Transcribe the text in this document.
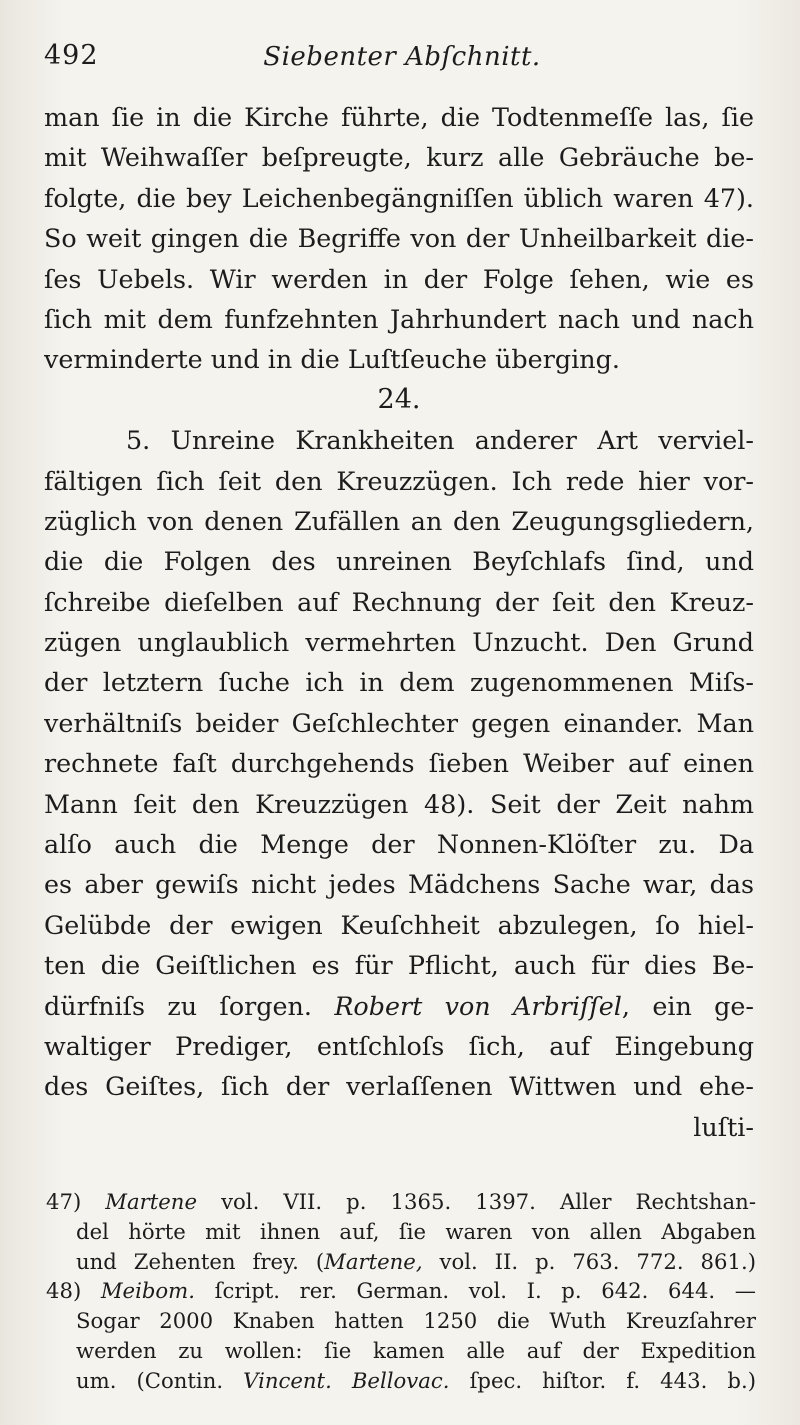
492	Siebenter Abſchnitt.
man ſie in die Kirche führte, die Todtenmeſſe las, ſie
mit Weihwaſſer beſpreugte, kurz alle Gebräuche be-
folgte, die bey Leichenbegängniſſen üblich waren 47).
So weit gingen die Begriffe von der Unheilbarkeit die-
ſes Uebels. Wir werden in der Folge ſehen, wie es
ſich mit dem funfzehnten Jahrhundert nach und nach
verminderte und in die Luſtſeuche überging.
24.
5. Unreine Krankheiten anderer Art verviel-
fältigen ſich ſeit den Kreuzzügen. Ich rede hier vor-
züglich von denen Zufällen an den Zeugungsgliedern,
die die Folgen des unreinen Beyſchlafs ſind, und
ſchreibe dieſelben auf Rechnung der ſeit den Kreuz-
zügen unglaublich vermehrten Unzucht. Den Grund
der letztern ſuche ich in dem zugenommenen Miſs-
verhältniſs beider Geſchlechter gegen einander. Man
rechnete faſt durchgehends ſieben Weiber auf einen
Mann ſeit den Kreuzzügen 48). Seit der Zeit nahm
alſo auch die Menge der Nonnen-Klöſter zu. Da
es aber gewiſs nicht jedes Mädchens Sache war, das
Gelübde der ewigen Keuſchheit abzulegen, ſo hiel-
ten die Geiſtlichen es für Pflicht, auch für dies Be-
dürfniſs zu ſorgen. Robert von Arbriſſel, ein ge-
waltiger Prediger, entſchloſs ſich, auf Eingebung
des Geiſtes, ſich der verlaſſenen Wittwen und ehe-
luſti-
47) Martene vol. VII. p. 1365. 1397. Aller Rechtshan-
del hörte mit ihnen auf, ſie waren von allen Abgaben
und Zehenten frey. (Martene, vol. II. p. 763. 772. 861.)
48) Meibom. ſcript. rer. German. vol. I. p. 642. 644. —
Sogar 2000 Knaben hatten 1250 die Wuth Kreuzſahrer
werden zu wollen: ſie kamen alle auf der Expedition
um. (Contin. Vincent. Bellovac. ſpec. hiſtor. f. 443. b.)
